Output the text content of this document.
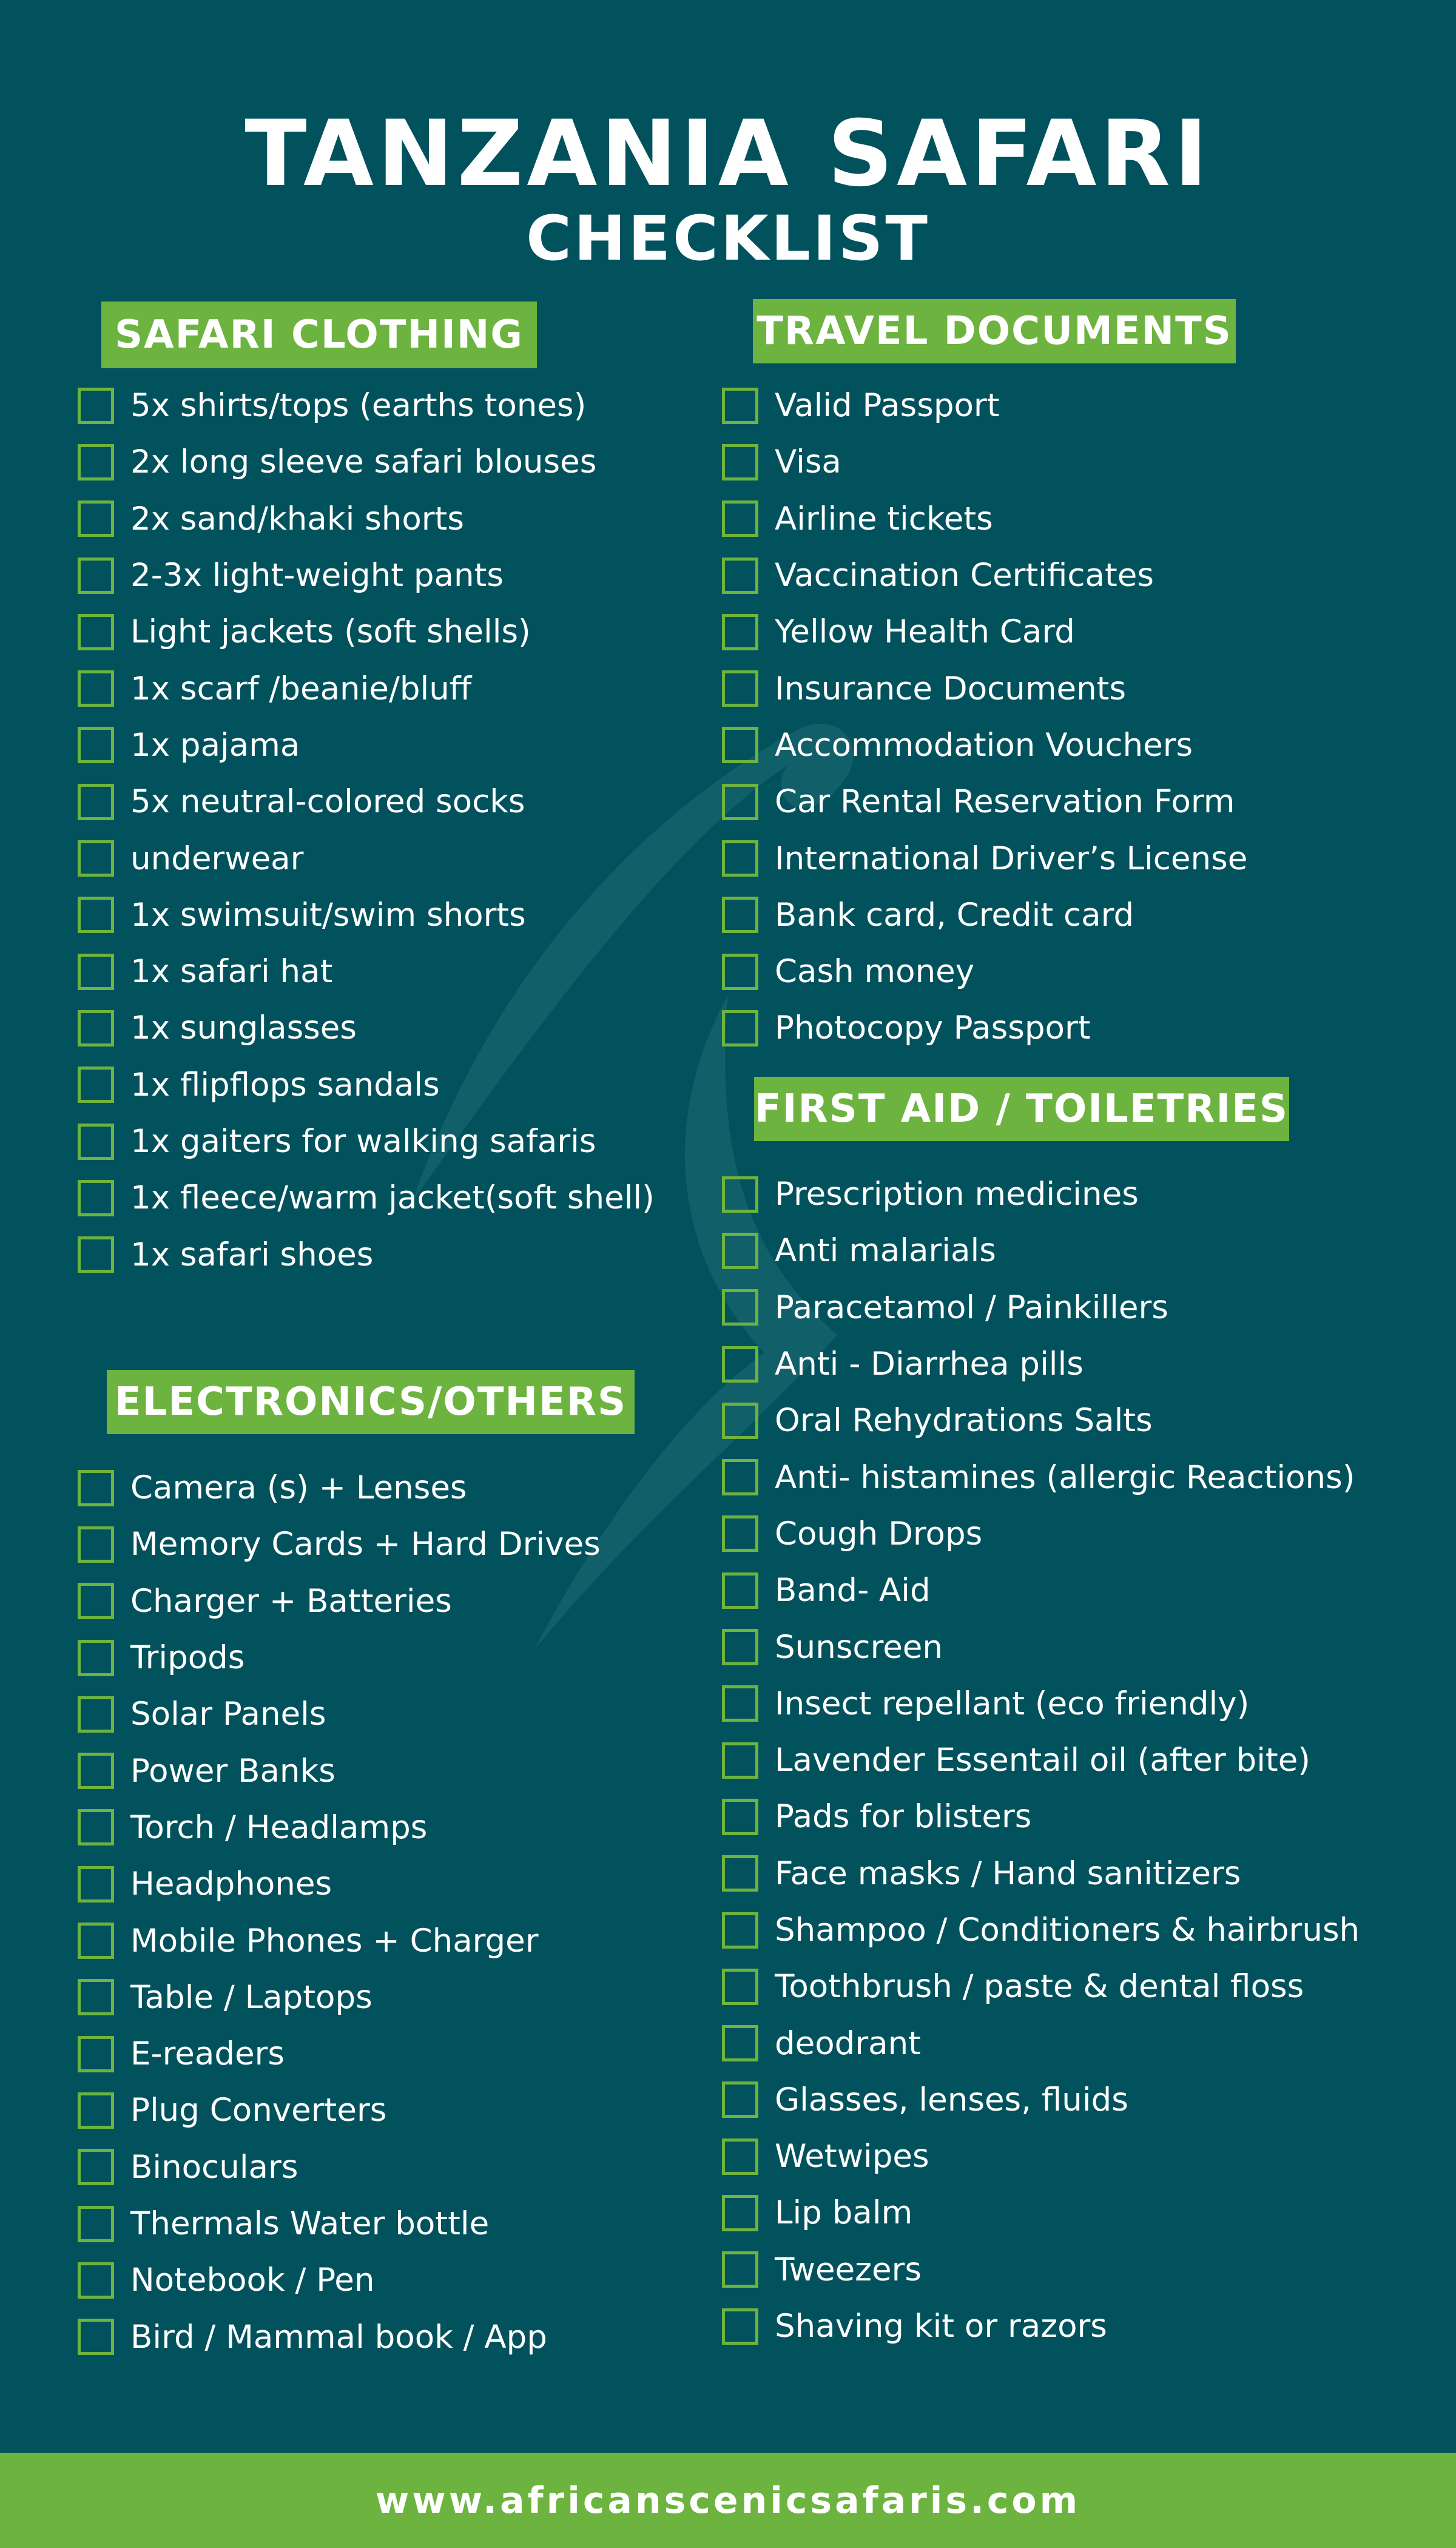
TANZANIA SAFARI
CHECKLIST
SAFARI CLOTHING
5x shirts/tops (earths tones)
2x long sleeve safari blouses
2x sand/khaki shorts
2-3x light-weight pants
Light jackets (soft shells)
1x scarf /beanie/bluff
1x pajama
5x neutral-colored socks
underwear
1x swimsuit/swim shorts
1x safari hat
1x sunglasses
1x flipflops sandals
1x gaiters for walking safaris
1x fleece/warm jacket(soft shell)
1x safari shoes
TRAVEL DOCUMENTS
Valid Passport
Visa
Airline tickets
Vaccination Certificates
Yellow Health Card
Insurance Documents
Accommodation Vouchers
Car Rental Reservation Form
International Driver’s License
Bank card, Credit card
Cash money
Photocopy Passport
FIRST AID / TOILETRIES
Prescription medicines
Anti malarials
Paracetamol / Painkillers
Anti - Diarrhea pills
Oral Rehydrations Salts
Anti- histamines (allergic Reactions)
Cough Drops
Band- Aid
Sunscreen
Insect repellant (eco friendly)
Lavender Essentail oil (after bite)
Pads for blisters
Face masks / Hand sanitizers
Shampoo / Conditioners & hairbrush
Toothbrush / paste & dental floss
deodrant
Glasses, lenses, fluids
Wetwipes
Lip balm
Tweezers
Shaving kit or razors
ELECTRONICS/OTHERS
Camera (s) + Lenses
Memory Cards + Hard Drives
Charger + Batteries
Tripods
Solar Panels
Power Banks
Torch / Headlamps
Headphones
Mobile Phones + Charger
Table / Laptops
E-readers
Plug Converters
Binoculars
Thermals Water bottle
Notebook / Pen
Bird / Mammal book / App
www.africanscenicsafaris.com
